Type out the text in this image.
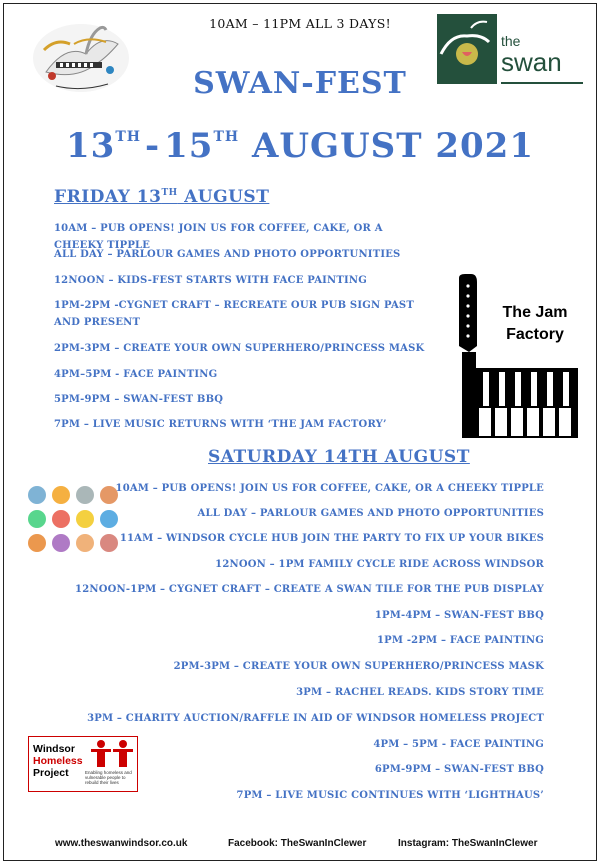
10AM – 11PM ALL 3 DAYS!
the
swan
SWAN-FEST
13TH - 15TH AUGUST 2021
FRIDAY 13TH AUGUST
10AM – PUB OPENS! JOIN US FOR COFFEE, CAKE, OR A CHEEKY TIPPLE
ALL DAY – PARLOUR GAMES AND PHOTO OPPORTUNITIES
12NOON – KIDS-FEST STARTS WITH FACE PAINTING
1PM-2PM -CYGNET CRAFT – RECREATE OUR PUB SIGN PAST AND PRESENT
2PM-3PM – CREATE YOUR OWN SUPERHERO/PRINCESS MASK
4PM–5PM - FACE PAINTING
5PM-9PM – SWAN-FEST BBQ
7PM – LIVE MUSIC RETURNS WITH ‘THE JAM FACTORY’
The Jam
Factory
SATURDAY 14TH AUGUST
10AM – PUB OPENS! JOIN US FOR COFFEE, CAKE, OR A CHEEKY TIPPLE
ALL DAY – PARLOUR GAMES AND PHOTO OPPORTUNITIES
11AM – WINDSOR CYCLE HUB JOIN THE PARTY TO FIX UP YOUR BIKES
12NOON – 1PM FAMILY CYCLE RIDE ACROSS WINDSOR
12NOON-1PM – CYGNET CRAFT – CREATE A SWAN TILE FOR THE PUB DISPLAY
1PM-4PM – SWAN-FEST BBQ
1PM -2PM – FACE PAINTING
2PM-3PM – CREATE YOUR OWN SUPERHERO/PRINCESS MASK
3PM – RACHEL READS. KIDS STORY TIME
3PM – CHARITY AUCTION/RAFFLE IN AID OF WINDSOR HOMELESS PROJECT
4PM – 5PM - FACE PAINTING
6PM-9PM – SWAN-FEST BBQ
7PM – LIVE MUSIC CONTINUES WITH ‘LIGHTHAUS’
Windsor
Homeless
Project	Enabling homeless and vulnerable people to rebuild their lives
www.theswanwindsor.co.uk	Facebook: TheSwanInClewer	Instagram: TheSwanInClewer
